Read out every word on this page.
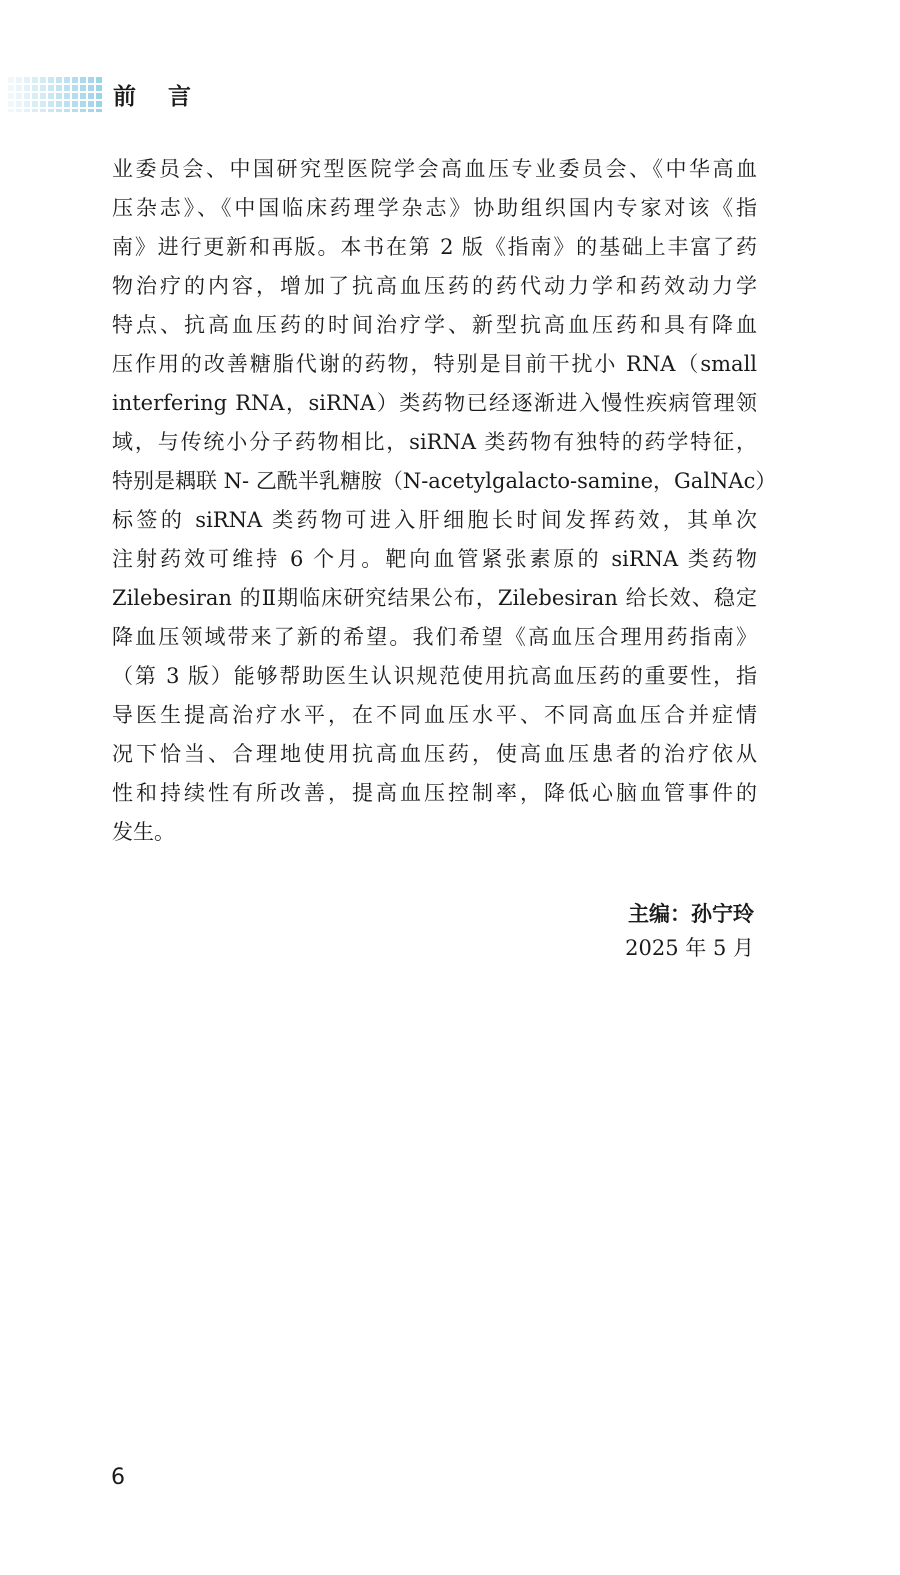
前    言
业委员会、中国研究型医院学会高血压专业委员会、《中华高血
压杂志》、《中国临床药理学杂志》协助组织国内专家对该《指
南》进行更新和再版。本书在第 2 版《指南》的基础上丰富了药
物治疗的内容，增加了抗高血压药的药代动力学和药效动力学
特点、抗高血压药的时间治疗学、新型抗高血压药和具有降血
压作用的改善糖脂代谢的药物，特别是目前干扰小 RNA（small
interfering RNA，siRNA）类药物已经逐渐进入慢性疾病管理领
域，与传统小分子药物相比，siRNA 类药物有独特的药学特征，
特别是耦联 N- 乙酰半乳糖胺（N-acetylgalacto-samine，GalNAc）
标签的 siRNA 类药物可进入肝细胞长时间发挥药效，其单次
注射药效可维持 6 个月。靶向血管紧张素原的 siRNA 类药物
Zilebesiran 的Ⅱ期临床研究结果公布，Zilebesiran 给长效、稳定
降血压领域带来了新的希望。我们希望《高血压合理用药指南》
（第 3 版）能够帮助医生认识规范使用抗高血压药的重要性，指
导医生提高治疗水平，在不同血压水平、不同高血压合并症情
况下恰当、合理地使用抗高血压药，使高血压患者的治疗依从
性和持续性有所改善，提高血压控制率，降低心脑血管事件的
发生。
主编：孙宁玲
2025 年 5 月
6
